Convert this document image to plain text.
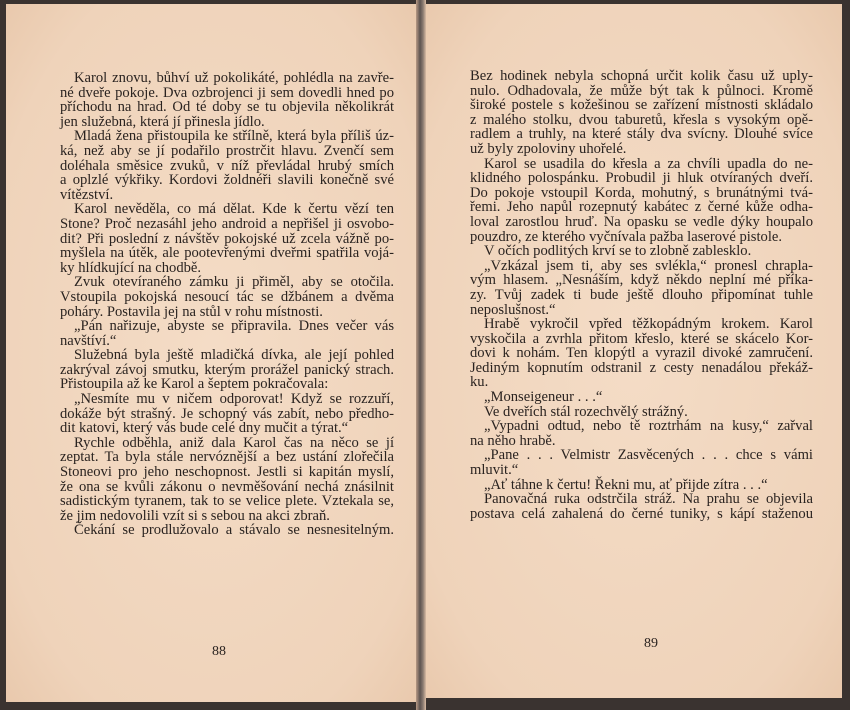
Karol znovu, bůhví už pokolikáté, pohlédla na zavře-
né dveře pokoje. Dva ozbrojenci ji sem dovedli hned po
příchodu na hrad. Od té doby se tu objevila několikrát
jen služebná, která jí přinesla jídlo.
Mladá žena přistoupila ke střílně, která byla příliš úz-
ká, než aby se jí podařilo prostrčit hlavu. Zvenčí sem
doléhala směsice zvuků, v níž převládal hrubý smích
a oplzlé výkřiky. Kordovi žoldnéři slavili konečně své
vítězství.
Karol nevěděla, co má dělat. Kde k čertu vězí ten
Stone? Proč nezasáhl jeho android a nepřišel ji osvobo-
dit? Při poslední z návštěv pokojské už zcela vážně po-
myšlela na útěk, ale pootevřenými dveřmi spatřila vojá-
ky hlídkující na chodbě.
Zvuk otevíraného zámku ji přiměl, aby se otočila.
Vstoupila pokojská nesoucí tác se džbánem a dvěma
poháry. Postavila jej na stůl v rohu místnosti.
„Pán nařizuje, abyste se připravila. Dnes večer vás
navštíví.“
Služebná byla ještě mladičká dívka, ale její pohled
zakrýval závoj smutku, kterým prorážel panický strach.
Přistoupila až ke Karol a šeptem pokračovala:
„Nesmíte mu v ničem odporovat! Když se rozzuří,
dokáže být strašný. Je schopný vás zabít, nebo předho-
dit katovi, který vás bude celé dny mučit a týrat.“
Rychle odběhla, aniž dala Karol čas na něco se jí
zeptat. Ta byla stále nervóznější a bez ustání zlořečila
Stoneovi pro jeho neschopnost. Jestli si kapitán myslí,
že ona se kvůli zákonu o nevměšování nechá znásilnit
sadistickým tyranem, tak to se velice plete. Vztekala se,
že jim nedovolili vzít si s sebou na akci zbraň.
Čekání se prodlužovalo a stávalo se nesnesitelným.
88
Bez hodinek nebyla schopná určit kolik času už uply-
nulo. Odhadovala, že může být tak k půlnoci. Kromě
široké postele s kožešinou se zařízení místnosti skládalo
z malého stolku, dvou taburetů, křesla s vysokým opě-
radlem a truhly, na které stály dva svícny. Dlouhé svíce
už byly zpoloviny uhořelé.
Karol se usadila do křesla a za chvíli upadla do ne-
klidného polospánku. Probudil ji hluk otvíraných dveří.
Do pokoje vstoupil Korda, mohutný, s brunátnými tvá-
řemi. Jeho napůl rozepnutý kabátec z černé kůže odha-
loval zarostlou hruď. Na opasku se vedle dýky houpalo
pouzdro, ze kterého vyčnívala pažba laserové pistole.
V očích podlitých krví se to zlobně zablesklo.
„Vzkázal jsem ti, aby ses svlékla,“ pronesl chrapla-
vým hlasem. „Nesnáším, když někdo neplní mé příka-
zy. Tvůj zadek ti bude ještě dlouho připomínat tuhle
neposlušnost.“
Hrabě vykročil vpřed těžkopádným krokem. Karol
vyskočila a zvrhla přitom křeslo, které se skácelo Kor-
dovi k nohám. Ten klopýtl a vyrazil divoké zamručení.
Jediným kopnutím odstranil z cesty nenadálou překáž-
ku.
„Monseigeneur . . .“
Ve dveřích stál rozechvělý strážný.
„Vypadni odtud, nebo tě roztrhám na kusy,“ zařval
na něho hrabě.
„Pane . . . Velmistr Zasvěcených . . . chce s vámi
mluvit.“
„Ať táhne k čertu! Řekni mu, ať přijde zítra . . .“
Panovačná ruka odstrčila stráž. Na prahu se objevila
postava celá zahalená do černé tuniky, s kápí staženou
89
